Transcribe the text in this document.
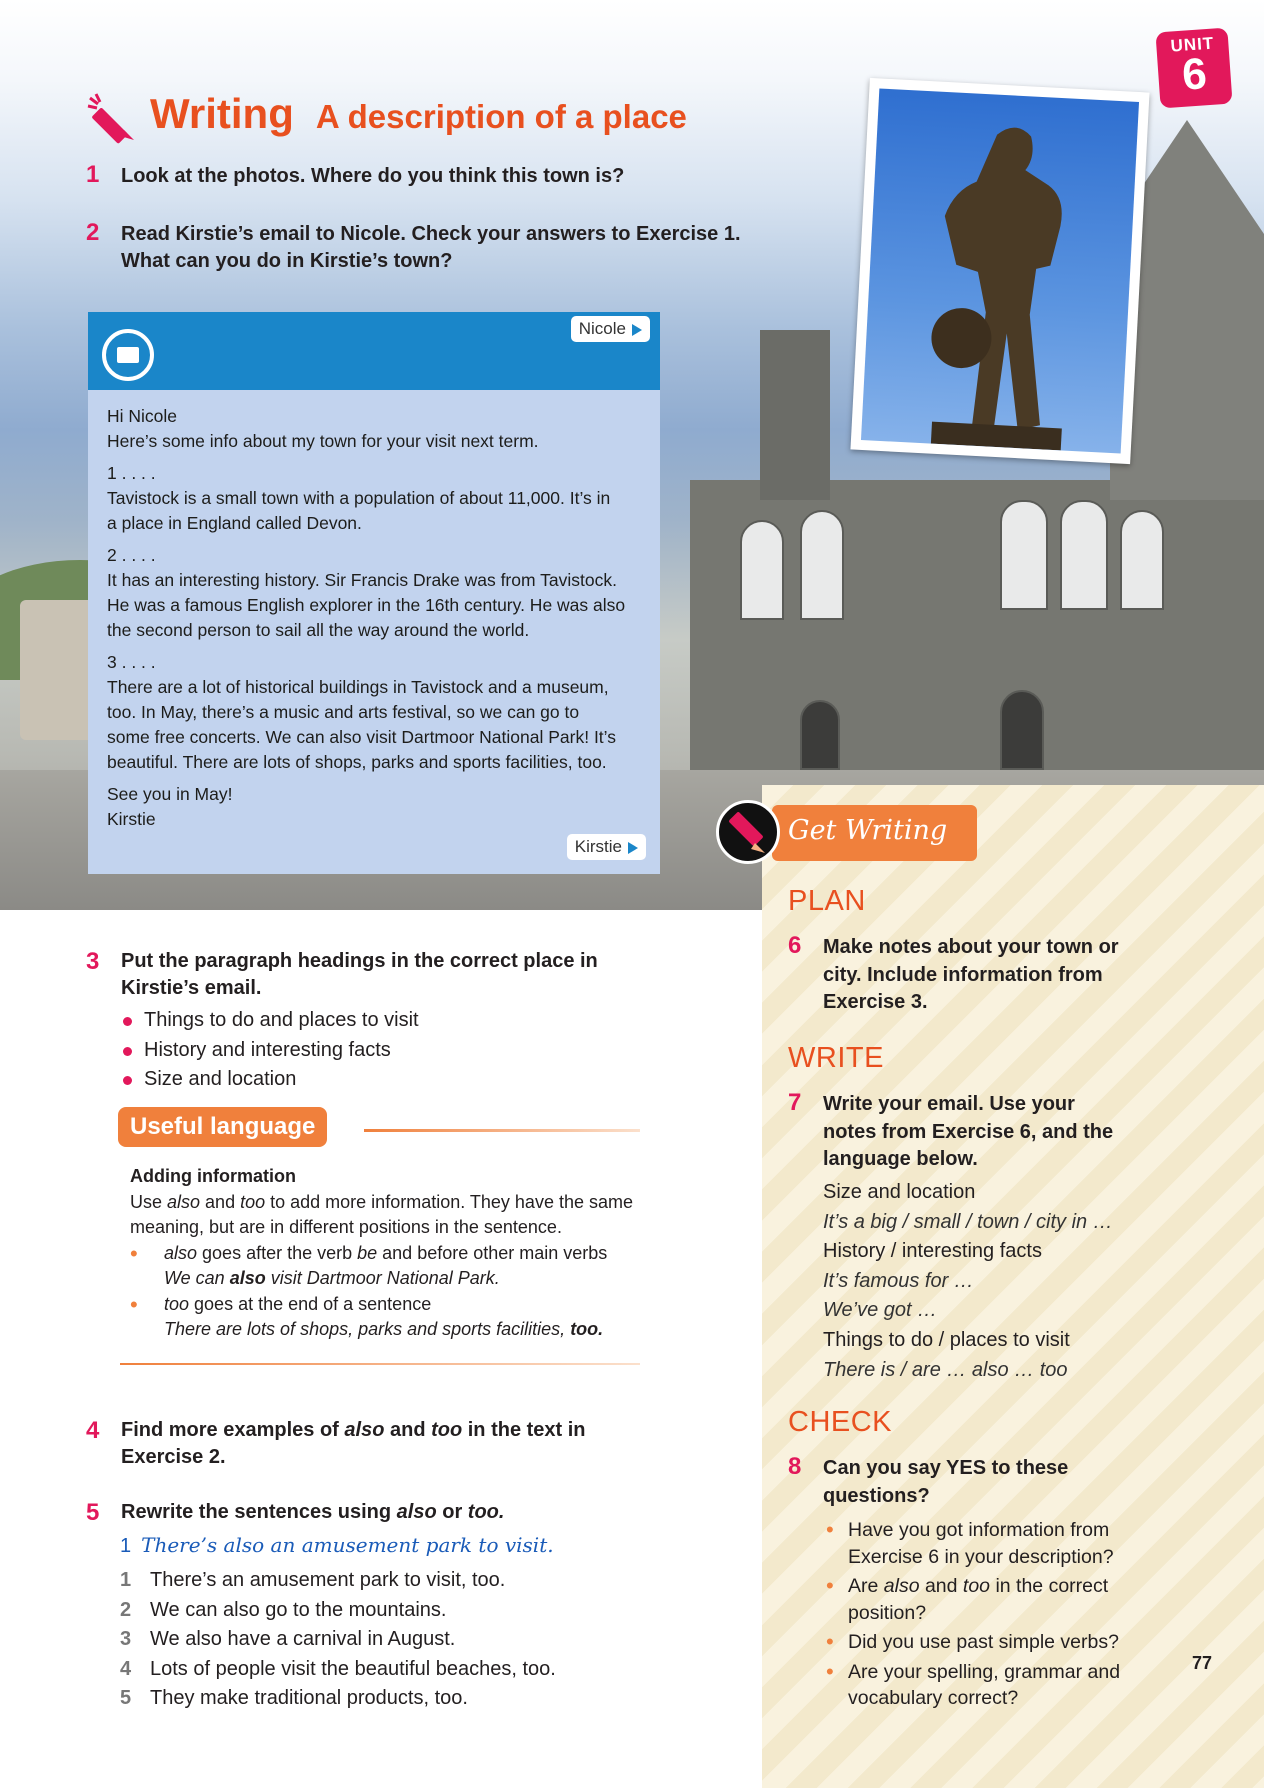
UNIT
6
Writing A description of a place
1 Look at the photos. Where do you think this town is?
2 Read Kirstie’s email to Nicole. Check your answers to Exercise 1.
What can you do in Kirstie’s town?
Nicole

Hi Nicole
Here’s some info about my town for your visit next term.

1 . . . .
Tavistock is a small town with a population of about 11,000. It’s in
a place in England called Devon.

2 . . . .
It has an interesting history. Sir Francis Drake was from Tavistock.
He was a famous English explorer in the 16th century. He was also
the second person to sail all the way around the world.

3 . . . .
There are a lot of historical buildings in Tavistock and a museum,
too. In May, there’s a music and arts festival, so we can go to
some free concerts. We can also visit Dartmoor National Park! It’s
beautiful. There are lots of shops, parks and sports facilities, too.

See you in May!
Kirstie

Kirstie
3 Put the paragraph headings in the correct place in
Kirstie’s email.
Things to do and places to visit
History and interesting facts
Size and location
Useful language
Adding information
Use also and too to add more information. They have the same
meaning, but are in different positions in the sentence.
• also goes after the verb be and before other main verbs
We can also visit Dartmoor National Park.
• too goes at the end of a sentence
There are lots of shops, parks and sports facilities, too.
4 Find more examples of also and too in the text in
Exercise 2.
5 Rewrite the sentences using also or too.
1 There’s also an amusement park to visit.
1 There’s an amusement park to visit, too.
2 We can also go to the mountains.
3 We also have a carnival in August.
4 Lots of people visit the beautiful beaches, too.
5 They make traditional products, too.
Get Writing
PLAN
6 Make notes about your town or
city. Include information from
Exercise 3.
WRITE
7 Write your email. Use your
notes from Exercise 6, and the
language below.
Size and location
It’s a big / small / town / city in …
History / interesting facts
It’s famous for …
We’ve got …
Things to do / places to visit
There is / are … also … too
CHECK
8 Can you say YES to these
questions?
• Have you got information from
Exercise 6 in your description?
• Are also and too in the correct
position?
• Did you use past simple verbs?
• Are your spelling, grammar and
vocabulary correct?
77
